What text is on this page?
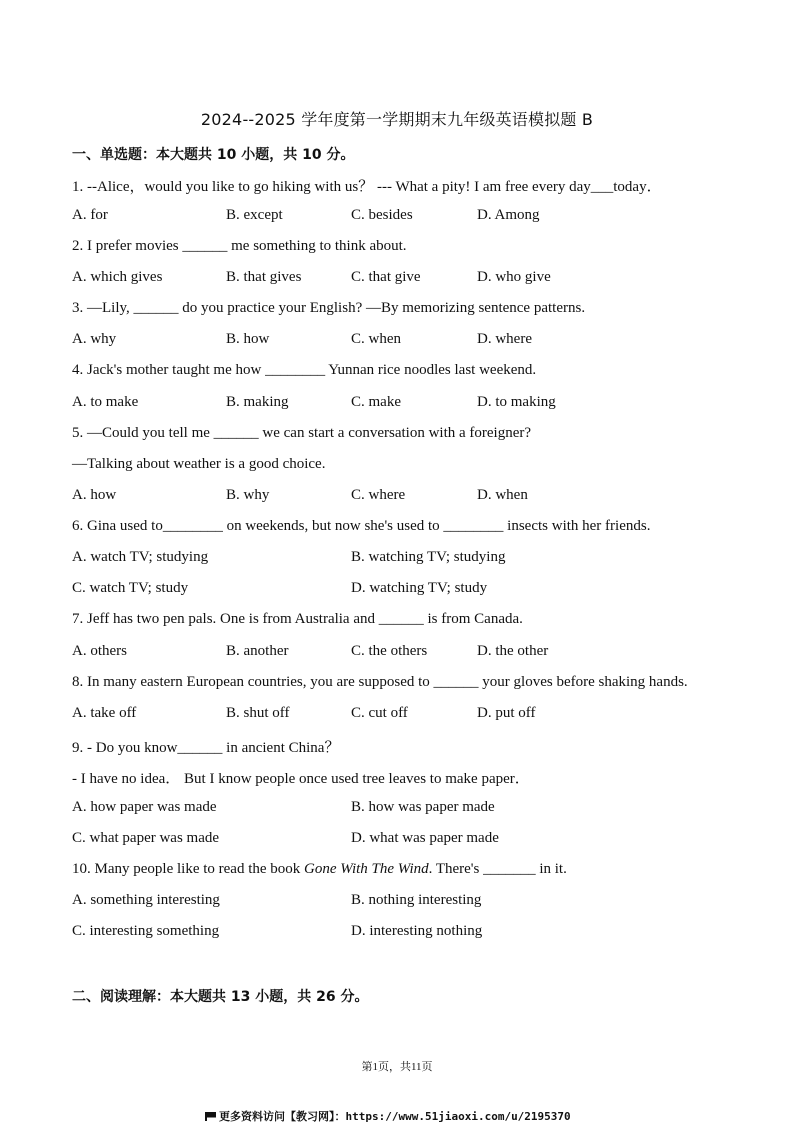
2024--2025 学年度第一学期期末九年级英语模拟题 B
一、单选题：本大题共 10 小题，共 10 分。
1. --Alice，would you like to go hiking with us？ --- What a pity! I am free every day___today．
A. for	B. except	C. besides	D. Among
2. I prefer movies ______ me something to think about.
A. which gives	B. that gives	C. that give	D. who give
3. —Lily, ______ do you practice your English? —By memorizing sentence patterns.
A. why	B. how	C. when	D. where
4. Jack's mother taught me how ________ Yunnan rice noodles last weekend.
A. to make	B. making	C. make	D. to making
5. —Could you tell me ______ we can start a conversation with a foreigner?
—Talking about weather is a good choice.
A. how	B. why	C. where	D. when
6. Gina used to________ on weekends, but now she's used to ________ insects with her friends.
A. watch TV; studying	B. watching TV; studying
C. watch TV; study	D. watching TV; study
7. Jeff has two pen pals. One is from Australia and ______ is from Canada.
A. others	B. another	C. the others	D. the other
8. In many eastern European countries, you are supposed to ______ your gloves before shaking hands.
A. take off	B. shut off	C. cut off	D. put off
9. - Do you know______ in ancient China？
- I have no idea． But I know people once used tree leaves to make paper．
A. how paper was made	B. how was paper made
C. what paper was made	D. what was paper made
10. Many people like to read the book Gone With The Wind. There's _______ in it.
A. something interesting	B. nothing interesting
C. interesting something	D. interesting nothing
二、阅读理解：本大题共 13 小题，共 26 分。
第1页，共11页
更多资料访问【教习网】：https://www.51jiaoxi.com/u/2195370
